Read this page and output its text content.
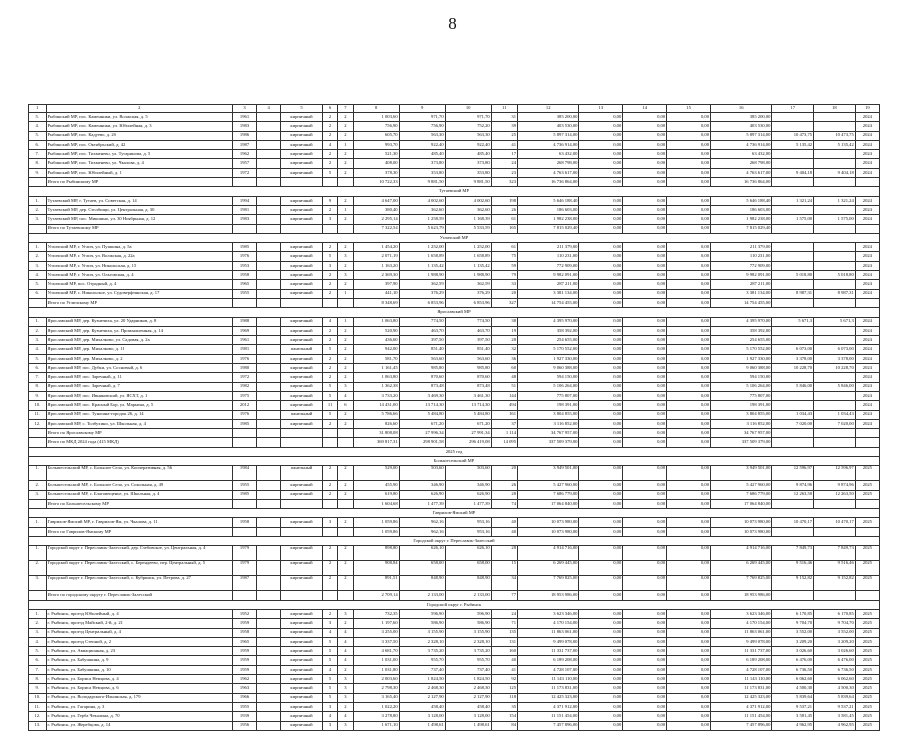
8
1	2	3	4	5	6	7	8	9	10	11	12	13	14	15	16	17	18	19
5.	Рыбинский МР, пос. Каменники, ул. Волжская, д. 5	1961		кирпичный	2	2	1 003,60	971,70	971,70	31	385 200,00	0,00	0,00	0,00	385 200,00			2024
4.	Рыбинский МР, пос. Каменники, ул. Юбилейная, д. 3	1983		кирпичный	2	2	756,90	756,90	752,20	39	403 530,00	0,00	0,00	0,00	403 530,00			2024
5.	Рыбинский МР, пос. Кадуево, д. 2б	1986		кирпичный	2	2	605,70	563,30	563,30	25	5 897 314,00	0,00	0,00	0,00	5 897 314,00	10 473,75	10 473,75	2024
6.	Рыбинский МР, пос. Октябрьский, д. 42	1987		кирпичный	4	1	993,70	922,40	922,40	41	4 736 914,00	0,00	0,00	0,00	4 736 914,00	5 135,42	5 135,42	2024
7.	Рыбинский МР, пос. Тихменево, ул. Тугаринова, д. 5	1962		кирпичный	2	2	521,30	485,40	485,40	17	63 432,00	0,00	0,00	0,00	63 432,00			2024
8.	Рыбинский МР, пос. Тихменево, ул. Чкалова, д. 4	1957		кирпичный	2	2	408,00	373,80	373,80	24	268 798,00	0,00	0,00	0,00	268 798,00			2024
9.	Рыбинский МР, пос. Юбилейный, д. 1	1972		кирпичный	5	2	378,30	353,80	353,80	23	4 763 617,00	0,00	0,00	0,00	4 763 617,00	9 404,18	9 404,18	2024
	Итого по Рыбинскому МР						10 722,33	9 881,50	9 881,50	323	16 736 864,00	0,00	0,00	0,00	16 736 864,00			
Тутаевский МР																		
1.	Тутаевский МР, г. Тутаев, ул. Советская, д. 14	1994		кирпичный	9	2	4 647,00	4 002,60	4 002,60	198	5 646 188,40	0,00	0,00	0,00	5 646 188,40	1 321,24	1 321,24	2024
2.	Тутаевский МР, дер. Столбищи, ул. Центральная, д. 30	1981		кирпичный	2	1	380,40	362,60	362,60	26	186 603,00	0,00	0,00	0,00	186 603,00			2024
3.	Тутаевский МР, пос. Микшино, ул. 30 Ноябрьная, д. 12	1983		кирпичный	3	2	2 295,14	1 258,59	1 168,39	61	1 982 238,00	0,00	0,00	0,00	1 982 238,00	1 575,00	1 575,00	2024
	Итого по Тутаевскому МР						7 322,54	5 623,79	5 533,59	165	7 815 029,40	0,00	0,00	0,00	7 815 029,40			
Угличский МР																		
1.	Угличский МР, г. Углич, ул. Пушкина, д. 5а	1985		кирпичный	2	2	1 454,20	1 252,00	1 252,00	61	211 379,00	0,00	0,00	0,00	211 379,00			2024
2.	Угличский МР, г. Углич, ул. Волжская, д. 22а	1976		кирпичный	5	3	2 071,19	1 658,89	1 658,89	75	110 231,00	0,00	0,00	0,00	110 231,00			2024
3.	Угличский МР, г. Углич, ул. Никольская, д. 15	1953		кирпичный	3	2	1 163,20	1 135,42	1 135,42	59	772 909,00	0,00	0,00	0,00	772 909,00			2024
4.	Угличский МР, г. Углич, ул. Ольговская, д. 4	1958		кирпичный	2	3	2 369,30	1 988,90	1 988,90	79	9 982 091,00	0,00	0,00	0,00	9 982 091,00	5 018,80	5 018,80	2024
5.	Угличский МР, пос. Отрадный, д. 4	1965		кирпичный	2	2	397,90	362,59	362,59	33	287 211,00	0,00	0,00	0,00	287 211,00			2024
6.	Угличский МР, с. Никольское, ул. Судоверфтянская, д. 17	1955		кирпичный	2	1	441,10	376,29	376,29	20	3 381 134,00	0,00	0,00	0,00	3 381 134,00	8 987,31	8 987,31	2024
	Итого по Угличскому МР						8 348,69	6 853,96	6 853,96	327	14 754 455,00	0,00	0,00	0,00	14 754 455,00			
Ярославский МР																		
1.	Ярославский МР, дер. Кузнечиха, ул. 20 Ударников, д. 8	1988		кирпичный	4	1	1 063,80	774,50	774,50	38	4 395 970,00	0,00	0,00	0,00	4 395 970,00	5 671,3	5 671,3	2024
2.	Ярославский МР, дер. Кузнечиха, ул. Промышленная, д. 14	1969		кирпичный	2	2	520,90	463,70	463,70	19	358 392,00	0,00	0,00	0,00	358 392,00			2024
3.	Ярославский МР, дер. Михалково, ул. Садовая, д. 2а	1961		кирпичный	2	2	436,60	397,50	397,50	28	254 655,00	0,00	0,00	0,00	254 655,00			2024
4.	Ярославский МР, дер. Михалково, д. 11	1981		панельный	5	2	942,00	851,40	851,40	32	5 170 552,00	0,00	0,00	0,00	5 170 552,00	6 073,00	6 073,00	2024
5.	Ярославский МР, дер. Михалково, д. 2	1976		кирпичный	2	2	581,70	563,60	563,60	36	1 927 330,00	0,00	0,00	0,00	1 927 330,00	3 378,00	3 378,00	2024
6.	Ярославский МР, пос. Дубки, ул. Сосновый, д. 6	1980		кирпичный	2	2	1 161,45	985,80	985,80	60	9 060 388,00	0,00	0,00	0,00	9 060 388,00	10 228,70	10 228,70	2024
7.	Ярославский МР, пос. Заречный, д. 11	1972		кирпичный	2	2	1 063,80	870,60	870,60	48	594 150,00	0,00	0,00	0,00	594 150,00			2024
8.	Ярославский МР, пос. Заречный, д. 7	1982		кирпичный	5	3	1 362,38	873,48	873,48	51	5 106 264,00	0,00	0,00	0,00	5 106 264,00	5 846,00	5 846,00	2024
9.	Ярославский МР, пос. Ивняковский, ул. ЯСХТ, д. 1	1975		кирпичный	5	4	3 733,20	3 469,30	3 461,30	144	775 807,00	0,00	0,00	0,00	775 807,00			2024
10.	Ярославский МР, пос. Красный Бор, ул. Марьина, д. 5	2012		кирпичный	11	6	14 431,00	13 714,30	13 714,30	494	198 391,00	0,00	0,00	0,00	198 391,00			2024
11.	Ярославский МР, пос. Туношна-городок 26, д. 14	1976		панельный	5	2	5 786,66	5 484,80	5 484,80	161	3 804 855,00	0,00	0,00	0,00	3 804 855,00	1 034,43	1 034,43	2024
12.	Ярославский МР, с. Толбухино, ул. Школьная, д. 4	1985		кирпичный	2	2	826,60	671,20	671,20	37	3 116 852,00	0,00	0,00	0,00	3 116 852,00	7 020,00	7 020,00	2024
	Итого по Ярославскому МР						31 808,08	27 996,34	27 991,34	1 114	34 767 957,00	0,00	0,00	0,00	34 767 957,00			
	Итого по МКД 2024 года (415 МКД)						369 817,31	298 901,58	296 419,08	14 095	337 509 379,00	0,00	0,00	0,00	337 509 379,00			
2025 год																		
Большесельский МР																		
1.	Большесельский МР, с. Большое Село, ул. Кооперативная, д. 56	1984		панельный	2	2	529,00	503,60	503,60	20	3 949 501,00	0,00	0,00	0,00	3 949 501,00	12 596,97	12 596,97	2025
2.	Большесельский МР, с. Большое Село, ул. Сокольная, д. 49	1955		кирпичный	2	2	455,90	346,90	346,90	26	5 427 960,00	0,00	0,00	0,00	5 427 960,00	9 874,96	9 874,96	2025
3.	Большесельский МР, с. Благовещенье, ул. Школьная, д. 4	1985		кирпичный	2	2	619,80	626,90	626,90	28	7 686 779,00	0,00	0,00	0,00	7 686 779,00	12 263,50	12 263,50	2025
	Итого по Большесельскому МР						1 604,68	1 477,39	1 477,39	74	17 064 840,00	0,00	0,00	0,00	17 064 840,00			
Гаврилов-Ямский МР																		
1.	Гаврилов-Ямский МР, г. Гаврилов-Ям, ул. Чкалова, д. 11	1958		кирпичный	3	2	1 059,86	962,16	953,16	40	10 073 980,00	0,00	0,00	0,00	10 073 980,00	10 470,17	10 470,17	2025
	Итого по Гаврилов-Ямскому МР						1 059,86	962,16	953,16	40	10 073 980,00	0,00	0,00	0,00	10 073 980,00			
Городской округ г. Переславль-Залесский																		
1.	Городской округ г. Переславль-Залесский, дер. Глебовское, ул. Центральная, д. 4	1979		кирпичный	2	2	898,80	626,10	626,10	28	4 914 716,00	0,00	0,00	0,00	4 914 716,00	7 849,73	7 849,73	2025
2.	Городской округ г. Переславль-Залесский, с. Берендеево, пер. Центральный, д. 5	1979		кирпичный	2	2	908,84	658,00	658,00	15	6 269 445,00	0,00	0,00	0,00	6 269 445,00	9 516,46	9 516,46	2025
3.	Городской округ г. Переславль-Залесский, с. Кубринск, ул. Петрова, д. 27	1987		кирпичный	2	2	891,51	848,90	848,90	34	7 769 825,00	0,00	0,00	0,00	7 769 825,00	9 152,82	9 152,82	2025
	Итого по городскому округу г. Переславль-Залесский						2 709,14	2 133,00	2 133,00	77	18 953 986,00	0,00	0,00	0,00	18 953 986,00			
Городской округ г. Рыбинск																		
1.	г. Рыбинск, проезд Юбилейный, д. 4	1952		кирпичный	2	3	732,35	596,90	596,90	24	3 623 346,00	0,00	0,00	0,00	3 623 346,00	6 170,85	6 170,85	2025
2.	г. Рыбинск, проезд Майский, 2-й, д. 21	1959		кирпичный	3	2	1 197,60	586,90	586,90	71	4 170 154,00	0,00	0,00	0,00	4 170 154,00	9 704,70	9 704,70	2025
3.	г. Рыбинск, проезд Центральный, д. 4	1958		кирпичный	4	4	3 255,00	3 155,90	3 155,90	135	11 863 061,00	0,00	0,00	0,00	11 863 061,00	3 552,00	3 552,00	2025
4.	г. Рыбинск, проезд Степной, д. 2	1965		кирпичный	5	4	3 337,50	2 328,10	2 328,10	131	9 499 078,00	0,00	0,00	0,00	9 499 078,00	3 209,20	3 209,20	2025
5.	г. Рыбинск, ул. Авиационная, д. 23	1959		кирпичный	5	4	4 681,70	3 735,20	3 735,20	160	11 331 737,00	0,00	0,00	0,00	11 331 737,00	3 026,60	3 026,60	2025
6.	г. Рыбинск, ул. Бабушкина, д. 9	1959		кирпичный	5	4	1 031,00	955,70	955,70	40	6 189 208,00	0,00	0,00	0,00	6 189 208,00	6 476,00	6 476,00	2025
7.	г. Рыбинск, ул. Бабушкина, д. 10	1959		кирпичный	4	2	1 031,80	737,40	737,40	41	4 728 107,00	0,00	0,00	0,00	4 728 107,00	6 736,50	6 736,50	2025
8.	г. Рыбинск, ул. Бориса Немцова, д. 4	1962		кирпичный	5	3	2 003,60	1 824,50	1 824,50	92	11 143 110,00	0,00	0,00	0,00	11 143 110,00	6 062,60	6 062,60	2025
9.	г. Рыбинск, ул. Бориса Немцова, д. 6	1963		кирпичный	5	3	2 798,30	2 468,30	2 468,30	125	11 173 831,00	0,00	0,00	0,00	11 173 831,00	4 500,30	4 500,30	2025
10.	г. Рыбинск, ул. Володарского-Ильинская, д. 179	1966		кирпичный	5	3	3 165,40	2 127,90	2 127,90	118	12 425 323,00	0,00	0,00	0,00	12 425 323,00	5 839,64	5 839,64	2025
11.	г. Рыбинск, ул. Гагарина, д. 3	1955		кирпичный	3	2	1 022,20	458,40	458,40	35	4 371 912,00	0,00	0,00	0,00	4 371 912,00	9 537,21	9 537,21	2025
12.	г. Рыбинск, ул. Герба Чекалина, д. 70	1939		кирпичный	4	4	3 278,80	3 128,00	3 128,00	154	11 151 454,00	0,00	0,00	0,00	11 151 454,00	3 581,45	3 581,45	2025
13.	г. Рыбинск, ул. Жеребцова, д. 14	1956		кирпичный	3	3	1 671,10	1 498,61	1 498,61	84	7 457 896,00	0,00	0,00	0,00	7 457 896,00	4 962,95	4 962,95	2025
